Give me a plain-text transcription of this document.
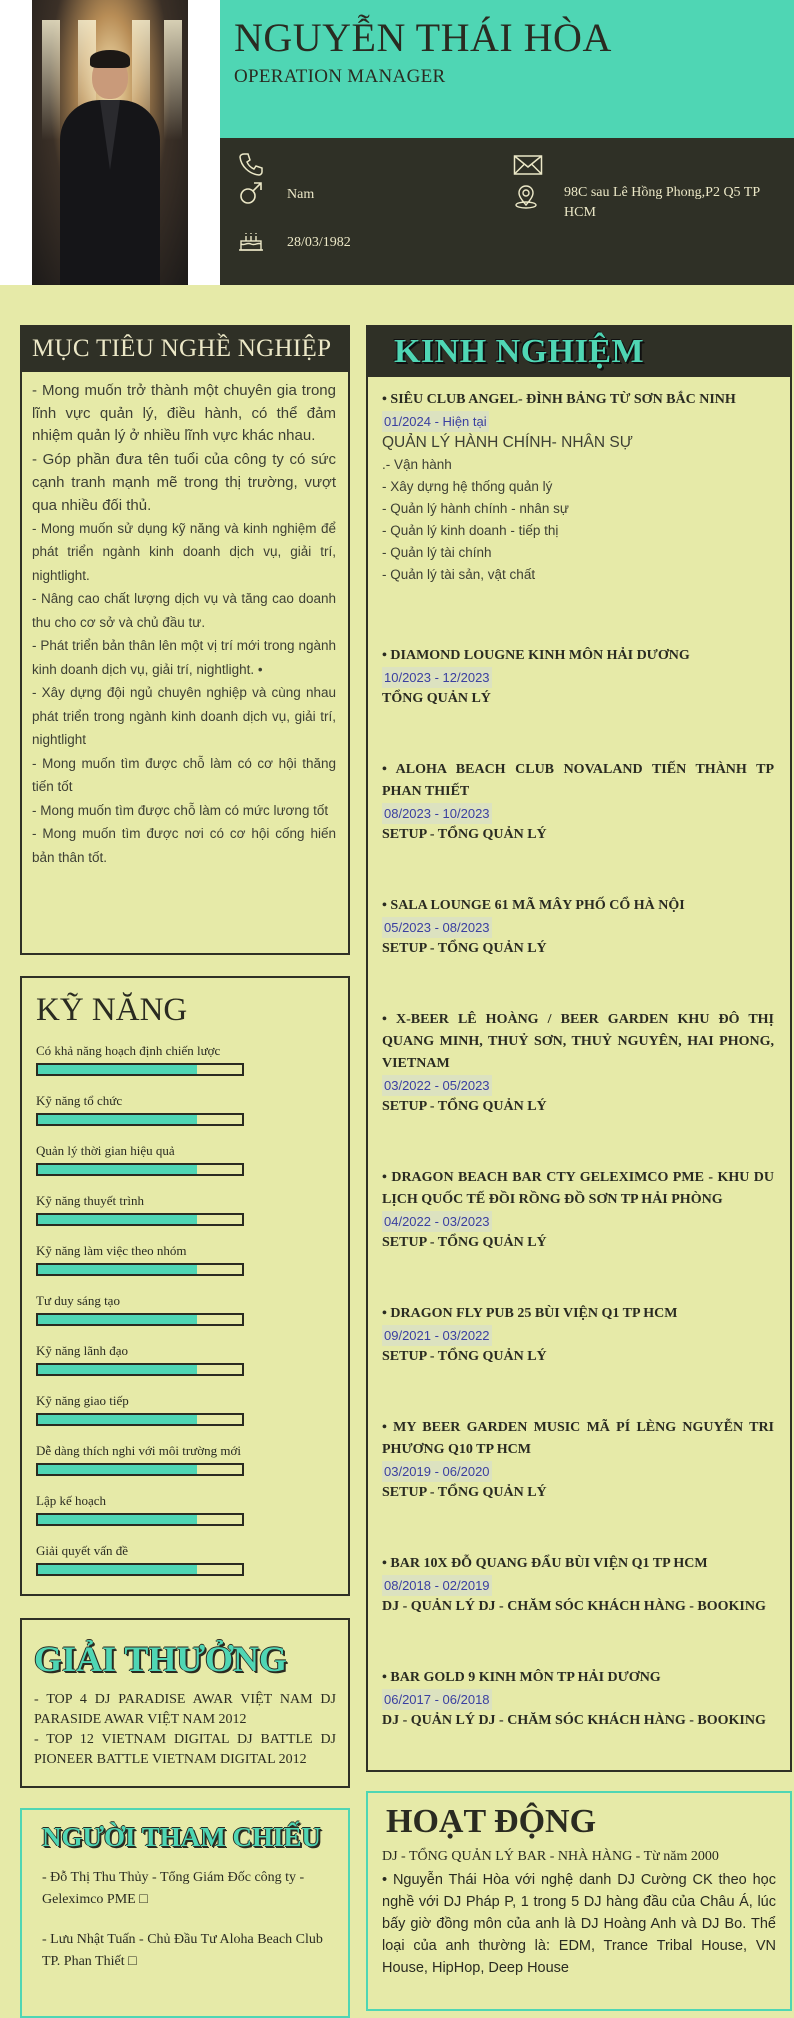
NGUYỄN THÁI HÒA
OPERATION MANAGER
Nam	98C sau Lê Hồng Phong,P2 Q5 TP HCM
28/03/1982
MỤC TIÊU NGHỀ NGHIỆP

- Mong muốn trở thành một chuyên gia trong lĩnh vực quản lý, điều hành, có thể đảm nhiệm quản lý ở nhiều lĩnh vực khác nhau.

- Góp phần đưa tên tuổi của công ty có sức cạnh tranh mạnh mẽ trong thị trường, vượt qua nhiều đối thủ.

- Mong muốn sử dụng kỹ năng và kinh nghiệm để phát triển ngành kinh doanh dịch vụ, giải trí, nightlight.

- Nâng cao chất lượng dịch vụ và tăng cao doanh thu cho cơ sở và chủ đầu tư.

- Phát triển bản thân lên một vị trí mới trong ngành kinh doanh dịch vụ, giải trí, nightlight. •

- Xây dựng đội ngủ chuyên nghiệp và cùng nhau phát triển trong ngành kinh doanh dịch vụ, giải trí, nightlight

- Mong muốn tìm được chỗ làm có cơ hội thăng tiến tốt

- Mong muốn tìm được chỗ làm có mức lương tốt

- Mong muốn tìm được nơi có cơ hội cống hiến bản thân tốt.

KỸ NĂNG
Có khả năng hoạch định chiến lược
Kỹ năng tổ chức
Quản lý thời gian hiệu quả
Kỹ năng thuyết trình
Kỹ năng làm việc theo nhóm
Tư duy sáng tạo
Kỹ năng lãnh đạo
Kỹ năng giao tiếp
Dễ dàng thích nghi với môi trường mới
Lập kế hoạch
Giải quyết vấn đề
GIẢI THƯỞNG
- TOP 4 DJ PARADISE AWAR VIỆT NAM DJ PARASIDE AWAR VIỆT NAM 2012
- TOP 12 VIETNAM DIGITAL DJ BATTLE DJ PIONEER BATTLE VIETNAM DIGITAL 2012
NGƯỜI THAM CHIẾU
- Đỗ Thị Thu Thủy - Tổng Giám Đốc công ty - Geleximco PME □
- Lưu Nhật Tuấn - Chủ Đầu Tư Aloha Beach Club TP. Phan Thiết □
KINH NGHIỆM
• SIÊU CLUB ANGEL- ĐÌNH BẢNG TỪ SƠN BẮC NINH
01/2024 - Hiện tại
QUẢN LÝ HÀNH CHÍNH- NHÂN SỰ
.- Vận hành
- Xây dựng hệ thống quản lý
- Quản lý hành chính - nhân sự
- Quản lý kinh doanh - tiếp thị
- Quản lý tài chính
- Quản lý tài sản, vật chất
• DIAMOND LOUGNE KINH MÔN HẢI DƯƠNG
10/2023 - 12/2023
TỔNG QUẢN LÝ
• ALOHA BEACH CLUB NOVALAND TIẾN THÀNH TP PHAN THIẾT
08/2023 - 10/2023
SETUP - TỔNG QUẢN LÝ
• SALA LOUNGE 61 MÃ MÂY PHỐ CỔ HÀ NỘI
05/2023 - 08/2023
SETUP - TỔNG QUẢN LÝ
• X-BEER LÊ HOÀNG / BEER GARDEN KHU ĐÔ THỊ QUANG MINH, THUỶ SƠN, THUỶ NGUYÊN, HAI PHONG, VIETNAM
03/2022 - 05/2023
SETUP - TỔNG QUẢN LÝ
• DRAGON BEACH BAR CTY GELEXIMCO PME - KHU DU LỊCH QUỐC TẾ ĐỒI RỒNG ĐỒ SƠN TP HẢI PHÒNG
04/2022 - 03/2023
SETUP - TỔNG QUẢN LÝ
• DRAGON FLY PUB 25 BÙI VIỆN Q1 TP HCM
09/2021 - 03/2022
SETUP - TỔNG QUẢN LÝ
• MY BEER GARDEN MUSIC MÃ PÍ LÈNG NGUYỄN TRI PHƯƠNG Q10 TP HCM
03/2019 - 06/2020
SETUP - TỔNG QUẢN LÝ
• BAR 10X ĐỖ QUANG ĐẨU BÙI VIỆN Q1 TP HCM
08/2018 - 02/2019
DJ - QUẢN LÝ DJ - CHĂM SÓC KHÁCH HÀNG - BOOKING
• BAR GOLD 9 KINH MÔN TP HẢI DƯƠNG
06/2017 - 06/2018
DJ - QUẢN LÝ DJ - CHĂM SÓC KHÁCH HÀNG - BOOKING
HOẠT ĐỘNG
DJ - TỔNG QUẢN LÝ BAR - NHÀ HÀNG - Từ năm 2000
• Nguyễn Thái Hòa với nghệ danh DJ Cường CK theo học nghề với DJ Pháp P, 1 trong 5 DJ hàng đầu của Châu Á, lúc bấy giờ đồng môn của anh là DJ Hoàng Anh và DJ Bo. Thể loại của anh thường là: EDM, Trance Tribal House, VN House, HipHop, Deep House
